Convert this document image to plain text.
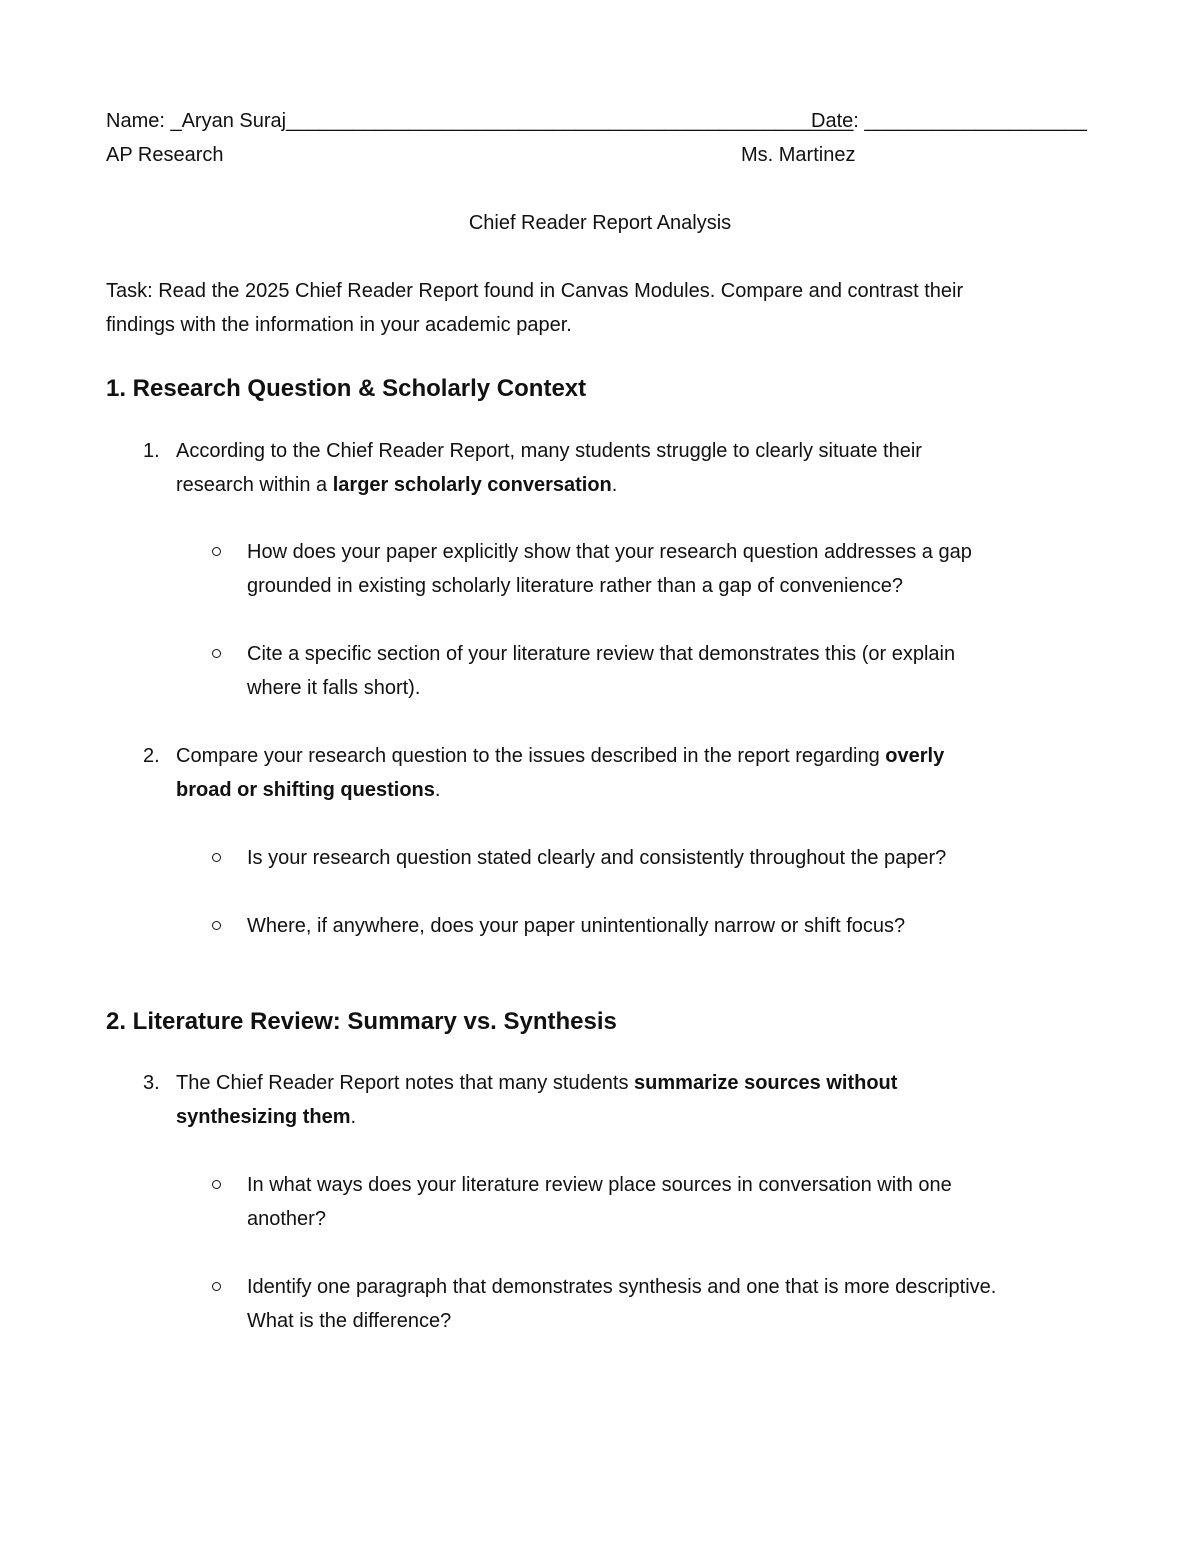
Name: _Aryan Suraj___________________________________________________
Date: ____________________
AP Research	Ms. Martinez
Chief Reader Report Analysis
Task: Read the 2025 Chief Reader Report found in Canvas Modules. Compare and contrast their
findings with the information in your academic paper.
1. Research Question & Scholarly Context
1. According to the Chief Reader Report, many students struggle to clearly situate their
research within a larger scholarly conversation.
How does your paper explicitly show that your research question addresses a gap
grounded in existing scholarly literature rather than a gap of convenience?
Cite a specific section of your literature review that demonstrates this (or explain
where it falls short).
2. Compare your research question to the issues described in the report regarding overly
broad or shifting questions.
Is your research question stated clearly and consistently throughout the paper?
Where, if anywhere, does your paper unintentionally narrow or shift focus?
2. Literature Review: Summary vs. Synthesis
3. The Chief Reader Report notes that many students summarize sources without
synthesizing them.
In what ways does your literature review place sources in conversation with one
another?
Identify one paragraph that demonstrates synthesis and one that is more descriptive.
What is the difference?
